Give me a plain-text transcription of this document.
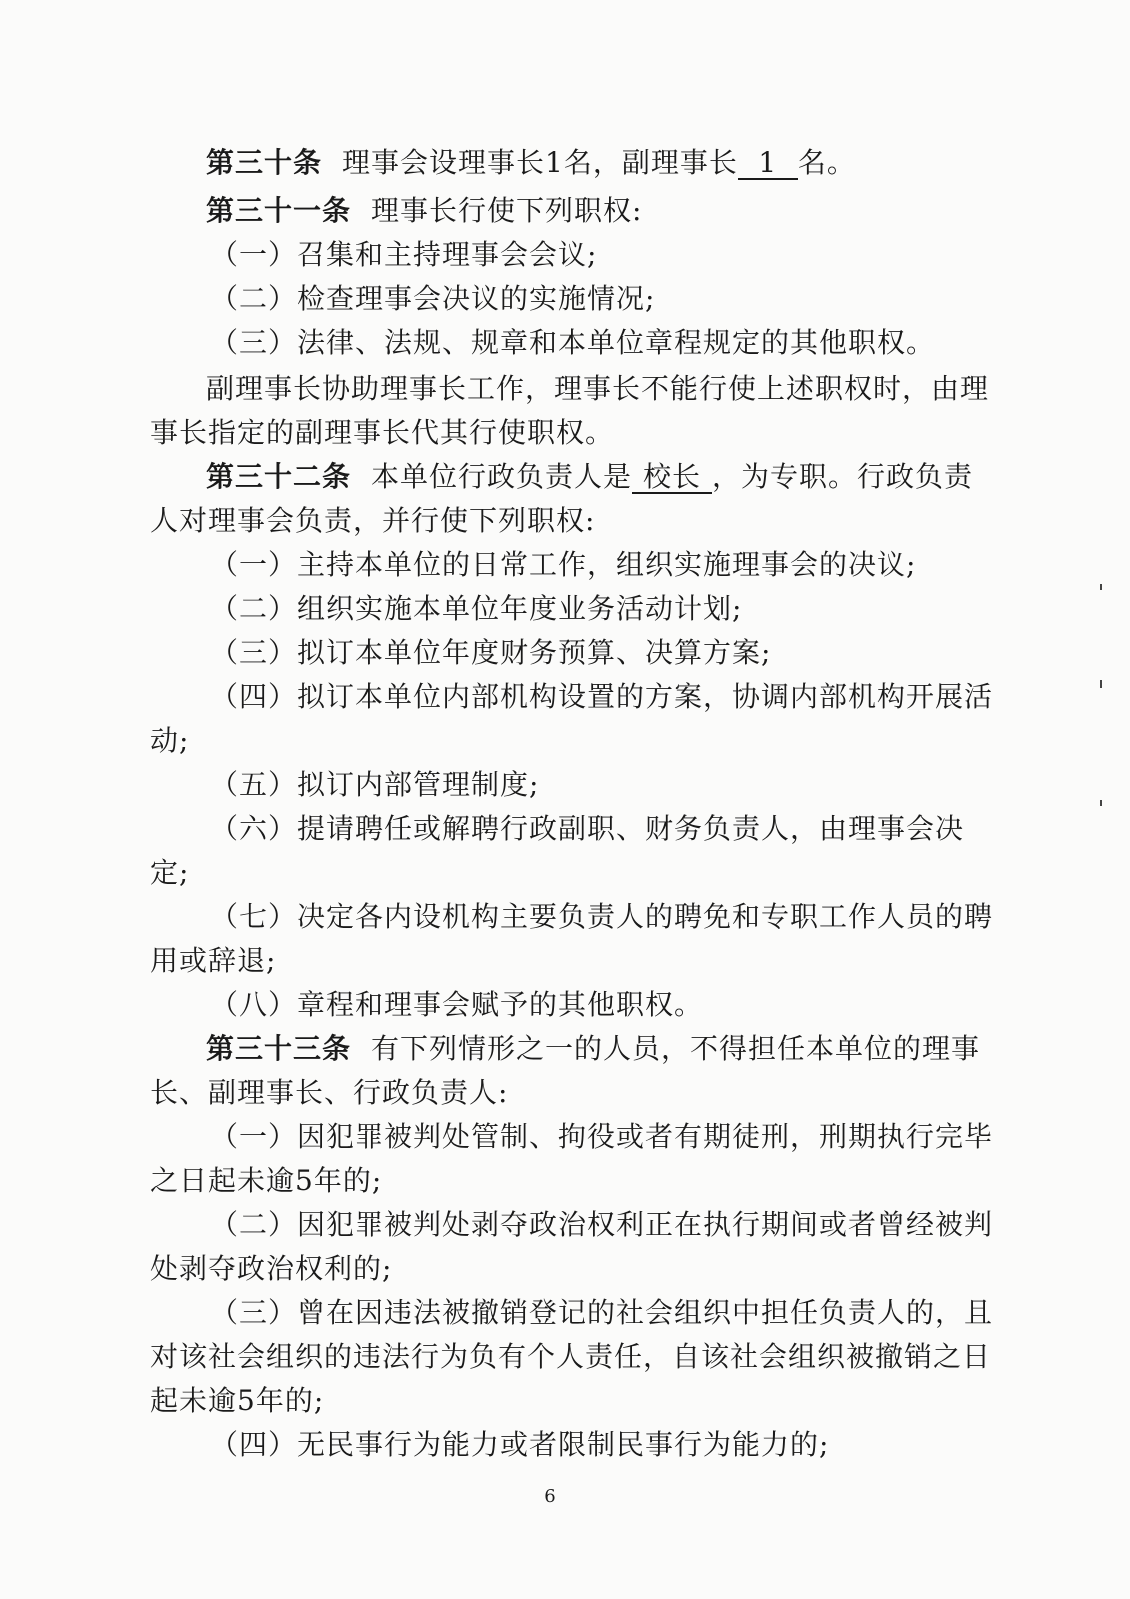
第三十条 理事会设理事长1名，副理事长 1 名。
第三十一条 理事长行使下列职权:
（一）召集和主持理事会会议;
（二）检查理事会决议的实施情况;
（三）法律、法规、规章和本单位章程规定的其他职权。
副理事长协助理事长工作，理事长不能行使上述职权时，由理
事长指定的副理事长代其行使职权。
第三十二条 本单位行政负责人是 校长 ，为专职。行政负责
人对理事会负责，并行使下列职权:
（一）主持本单位的日常工作，组织实施理事会的决议;
（二）组织实施本单位年度业务活动计划;
（三）拟订本单位年度财务预算、决算方案;
（四）拟订本单位内部机构设置的方案，协调内部机构开展活
动;
（五）拟订内部管理制度;
（六）提请聘任或解聘行政副职、财务负责人，由理事会决
定;
（七）决定各内设机构主要负责人的聘免和专职工作人员的聘
用或辞退;
（八）章程和理事会赋予的其他职权。
第三十三条 有下列情形之一的人员，不得担任本单位的理事
长、副理事长、行政负责人:
（一）因犯罪被判处管制、拘役或者有期徒刑，刑期执行完毕
之日起未逾5年的;
（二）因犯罪被判处剥夺政治权利正在执行期间或者曾经被判
处剥夺政治权利的;
（三）曾在因违法被撤销登记的社会组织中担任负责人的，且
对该社会组织的违法行为负有个人责任，自该社会组织被撤销之日
起未逾5年的;
（四）无民事行为能力或者限制民事行为能力的;
6
